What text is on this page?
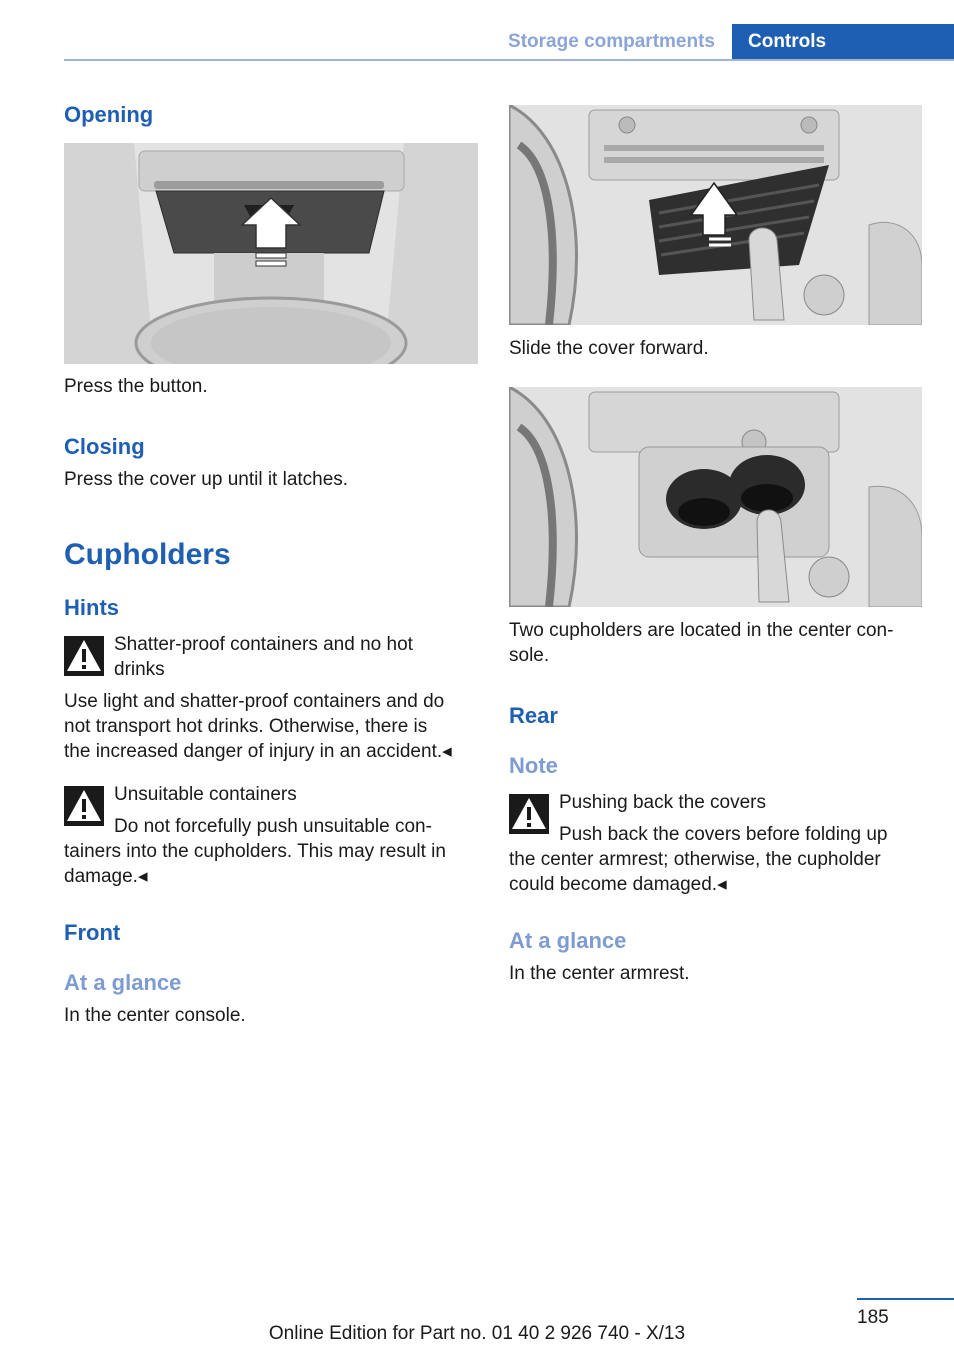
Storage compartments	Controls
Opening
Press the button.
Closing
Press the cover up until it latches.
Cupholders
Hints
Shatter-proof containers and no hot
drinks
Use light and shatter-proof containers and do
not transport hot drinks. Otherwise, there is
the increased danger of injury in an accident.◂
Unsuitable containers
Do not forcefully push unsuitable con‐
tainers into the cupholders. This may result in
damage.◂
Front
At a glance
In the center console.
Slide the cover forward.
Two cupholders are located in the center con‐
sole.
Rear
Note
Pushing back the covers
Push back the covers before folding up
the center armrest; otherwise, the cupholder
could become damaged.◂
At a glance
In the center armrest.
185
Online Edition for Part no. 01 40 2 926 740 - X/13
